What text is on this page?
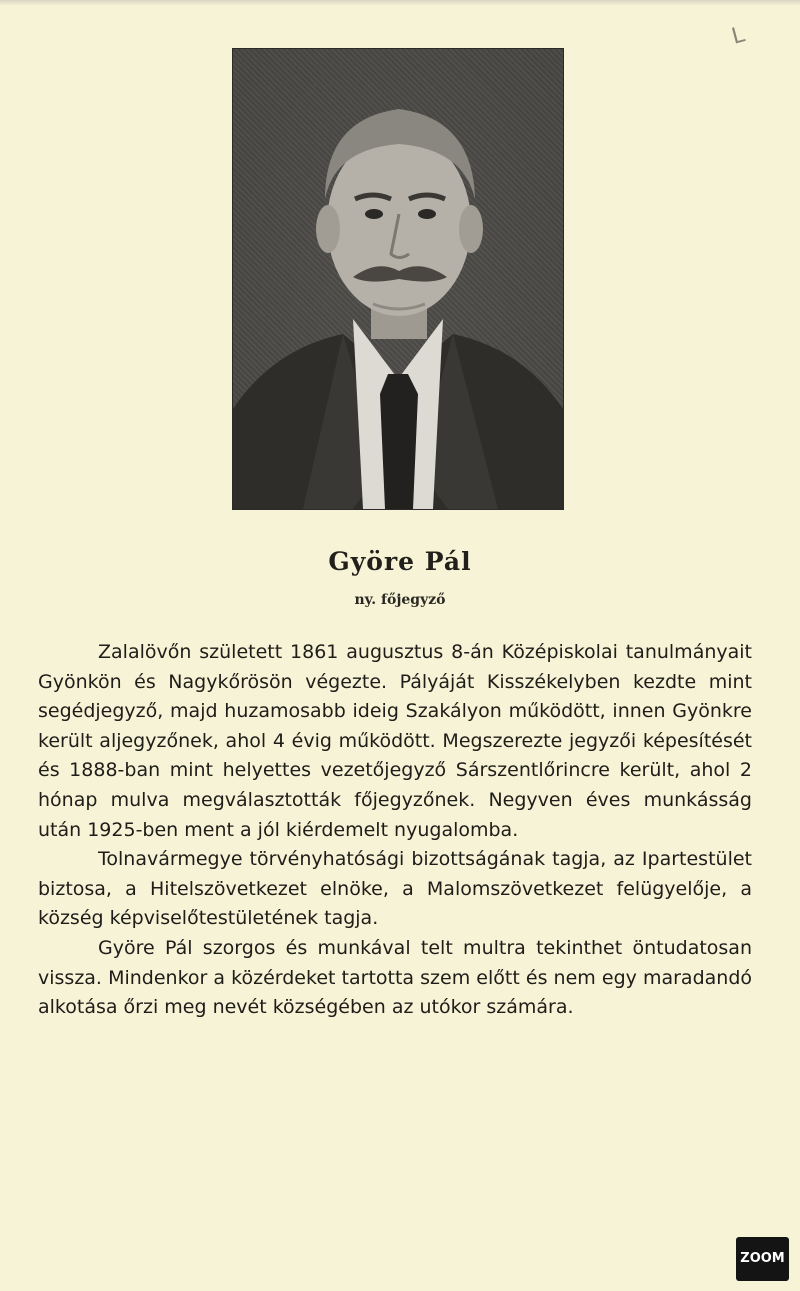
ᒪ
Györe Pál
ny. főjegyző

Zalalövőn született 1861 augusztus 8-án Középiskolai tanulmányait Gyönkön és Nagykőrösön végezte. Pályáját Kisszékelyben kezdte mint segédjegyző, majd huzamosabb ideig Szakályon működött, innen Gyönkre került aljegyzőnek, ahol 4 évig működött. Megszerezte jegyzői képesítését és 1888-ban mint helyettes vezetőjegyző Sárszentlőrincre került, ahol 2 hónap mulva megválasztották főjegyzőnek. Negyven éves munkásság után 1925-ben ment a jól kiérdemelt nyugalomba.

Tolnavármegye törvényhatósági bizottságának tagja, az Ipartestület biztosa, a Hitelszövetkezet elnöke, a Malomszövetkezet felügyelője, a község képviselőtestületének tagja.

Györe Pál szorgos és munkával telt multra tekinthet öntudatosan vissza. Mindenkor a közérdeket tartotta szem előtt és nem egy maradandó alkotása őrzi meg nevét községében az utókor számára.

ZOOM
